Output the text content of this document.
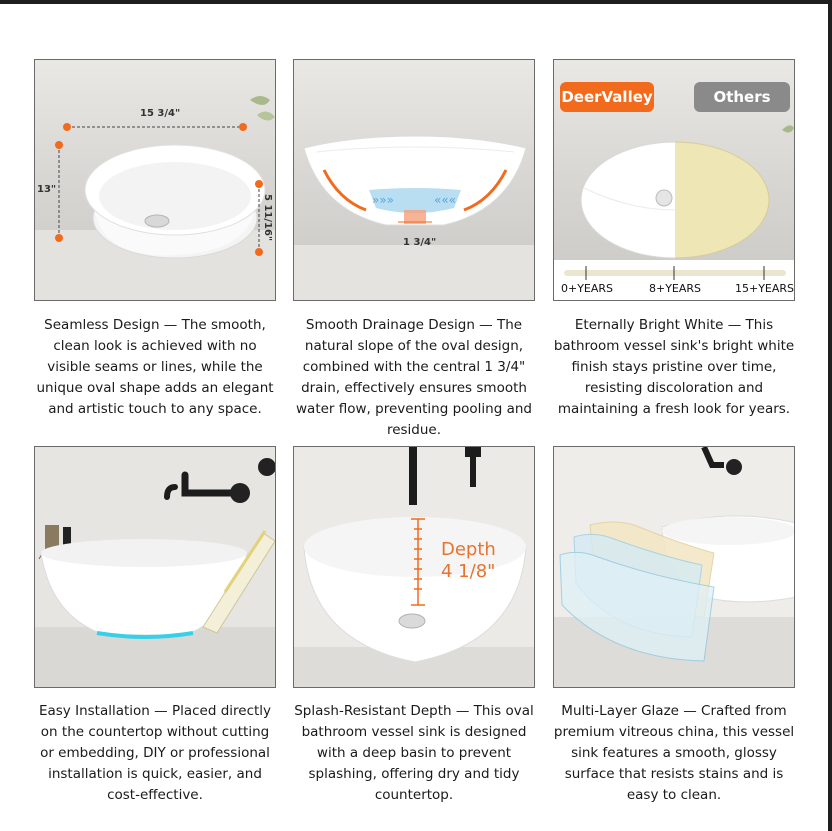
15 3/4"
13"
5 11/16"	»»»	«««
1 3/4"
DeerValley	Others
0+YEARS	8+YEARS	15+YEARS
Seamless Design — The smooth,
clean look is achieved with no
visible seams or lines, while the
unique oval shape adds an elegant
and artistic touch to any space.
Smooth Drainage Design — The
natural slope of the oval design,
combined with the central 1 3/4"
drain, effectively ensures smooth
water flow, preventing pooling and
residue.
Eternally Bright White — This
bathroom vessel sink's bright white
finish stays pristine over time,
resisting discoloration and
maintaining a fresh look for years.
Depth
4 1/8"
Easy Installation — Placed directly
on the countertop without cutting
or embedding, DIY or professional
installation is quick, easier, and
cost-effective.
Splash-Resistant Depth — This oval
bathroom vessel sink is designed
with a deep basin to prevent
splashing, offering dry and tidy
countertop.
Multi-Layer Glaze — Crafted from
premium vitreous china, this vessel
sink features a smooth, glossy
surface that resists stains and is
easy to clean.
